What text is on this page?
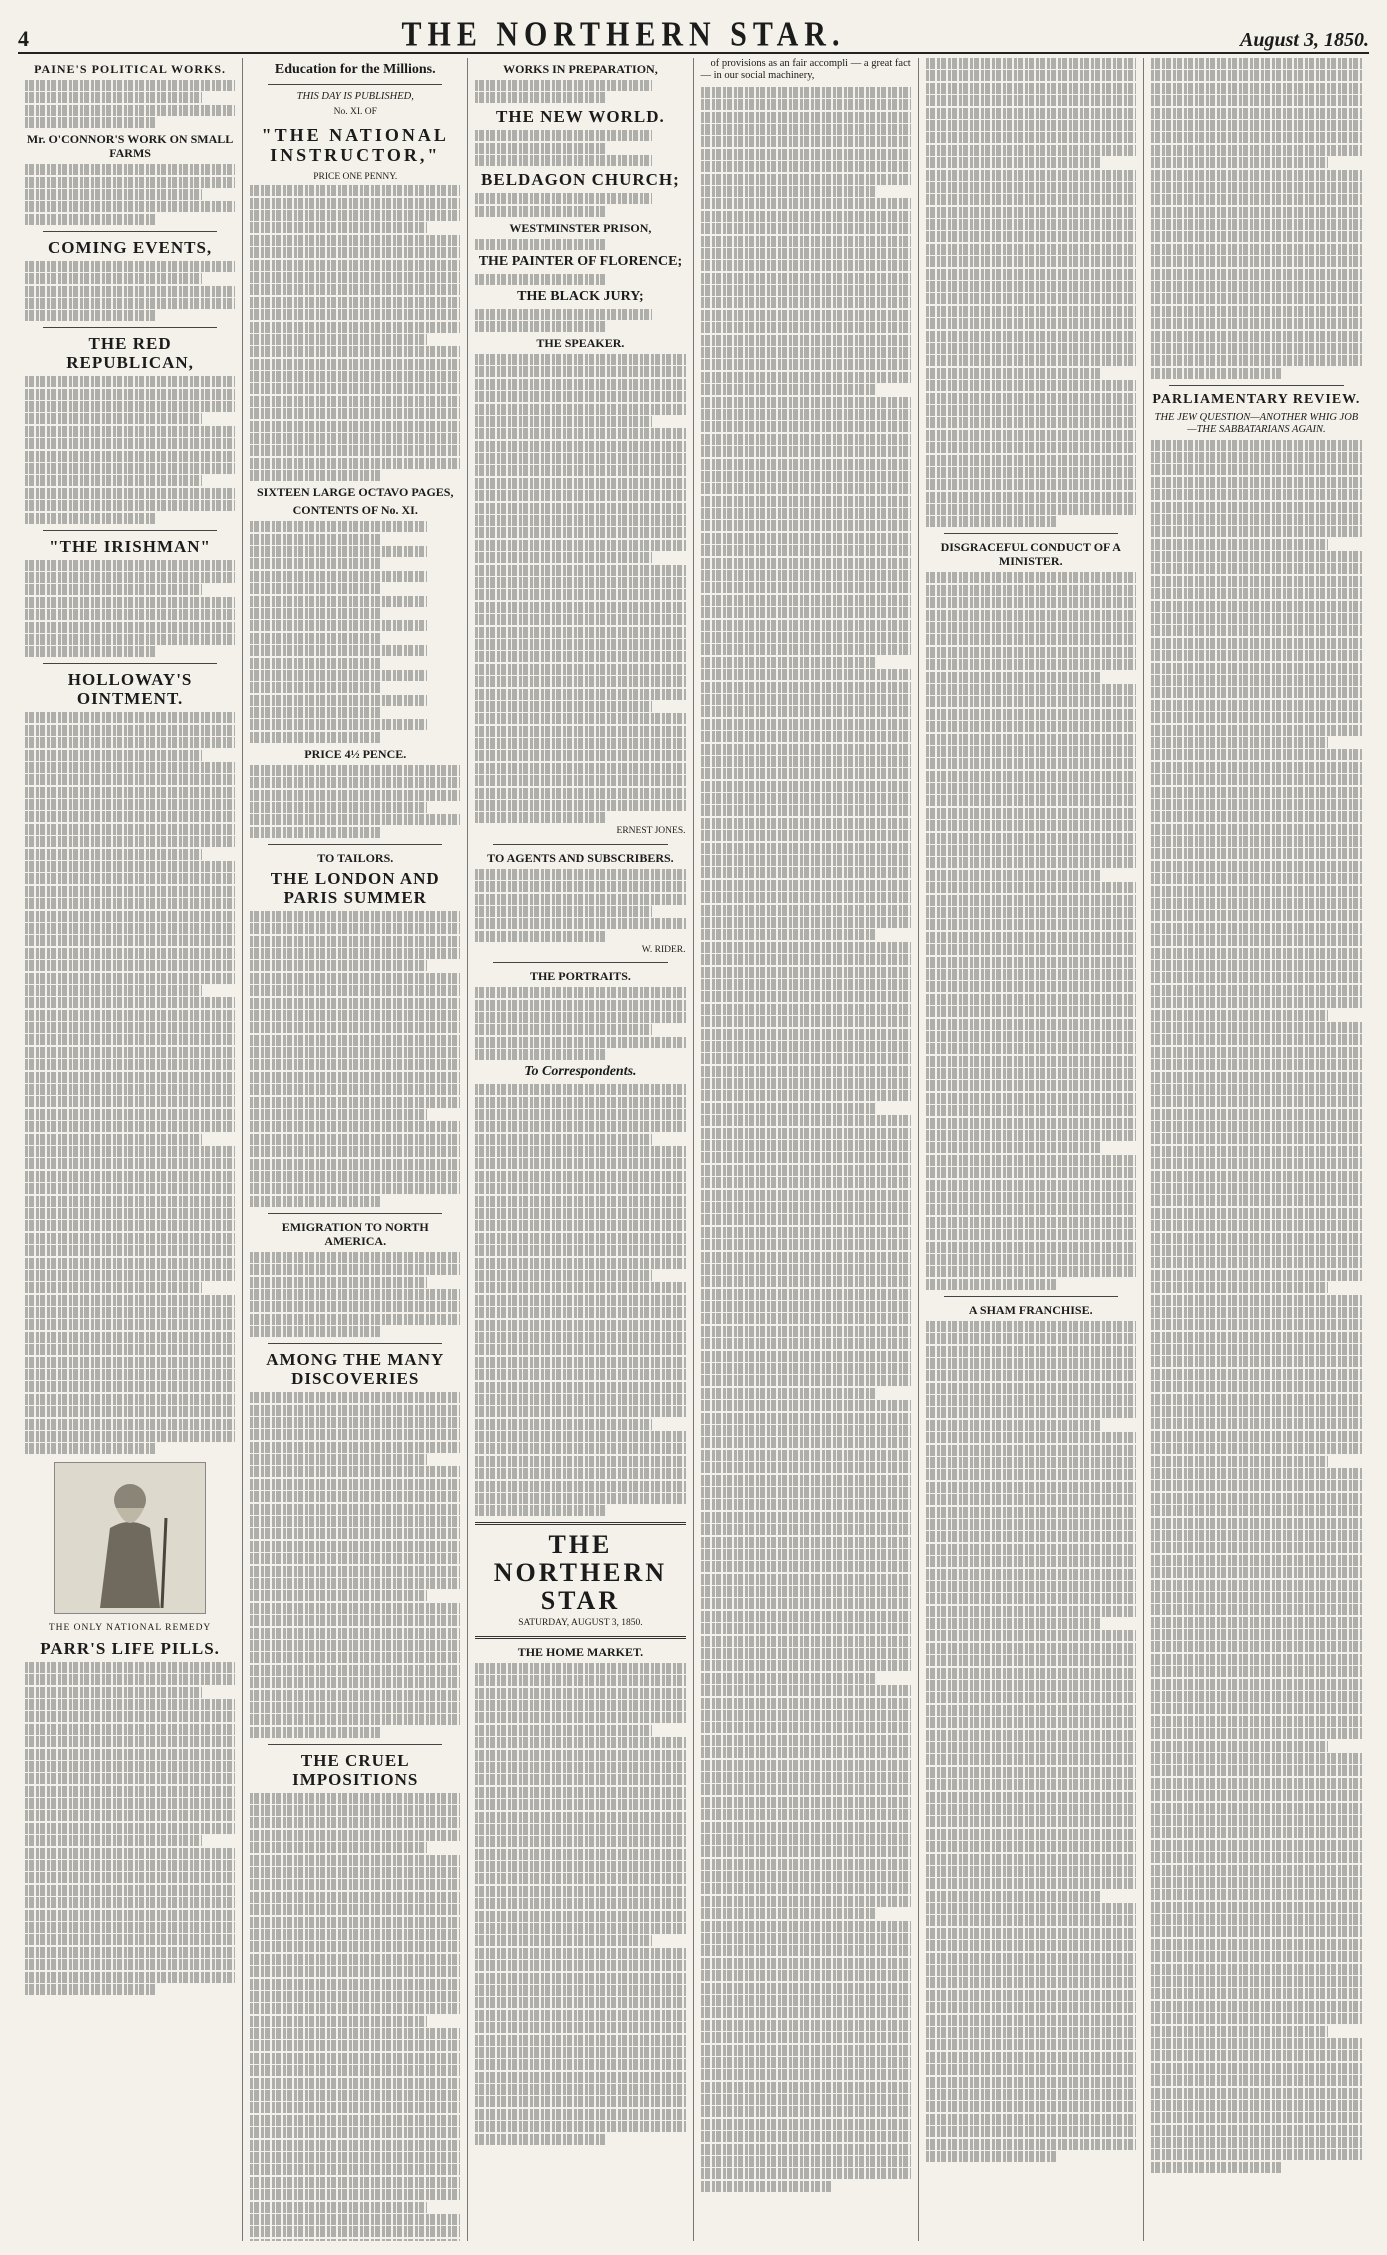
4	THE NORTHERN STAR.	August 3, 1850.
PAINE'S POLITICAL WORKS.
Mr. O'CONNOR'S WORK ON SMALL FARMS
COMING EVENTS,
THE RED REPUBLICAN,
"THE IRISHMAN"
HOLLOWAY'S OINTMENT.
THE ONLY NATIONAL REMEDY
PARR'S LIFE PILLS.
Education for the Millions.
THIS DAY IS PUBLISHED,
No. XI. OF
"THE NATIONAL INSTRUCTOR,"
PRICE ONE PENNY.
SIXTEEN LARGE OCTAVO PAGES,
CONTENTS OF No. XI.
PRICE 4½ PENCE.
TO TAILORS.
THE LONDON AND PARIS SUMMER
EMIGRATION TO NORTH AMERICA.
AMONG THE MANY DISCOVERIES
THE CRUEL IMPOSITIONS
WORKS IN PREPARATION,
THE NEW WORLD.
BELDAGON CHURCH;
WESTMINSTER PRISON,
THE PAINTER OF FLORENCE;
THE BLACK JURY;
THE SPEAKER.
ERNEST JONES.
TO AGENTS AND SUBSCRIBERS.
W. RIDER.
THE PORTRAITS.
To Correspondents.
THE NORTHERN STAR
SATURDAY, AUGUST 3, 1850.
THE HOME MARKET.

of provisions as an fair accompli — a great fact — in our social machinery,

DISGRACEFUL CONDUCT OF A MINISTER.
A SHAM FRANCHISE.
PARLIAMENTARY REVIEW.
THE JEW QUESTION—ANOTHER WHIG JOB —THE SABBATARIANS AGAIN.
